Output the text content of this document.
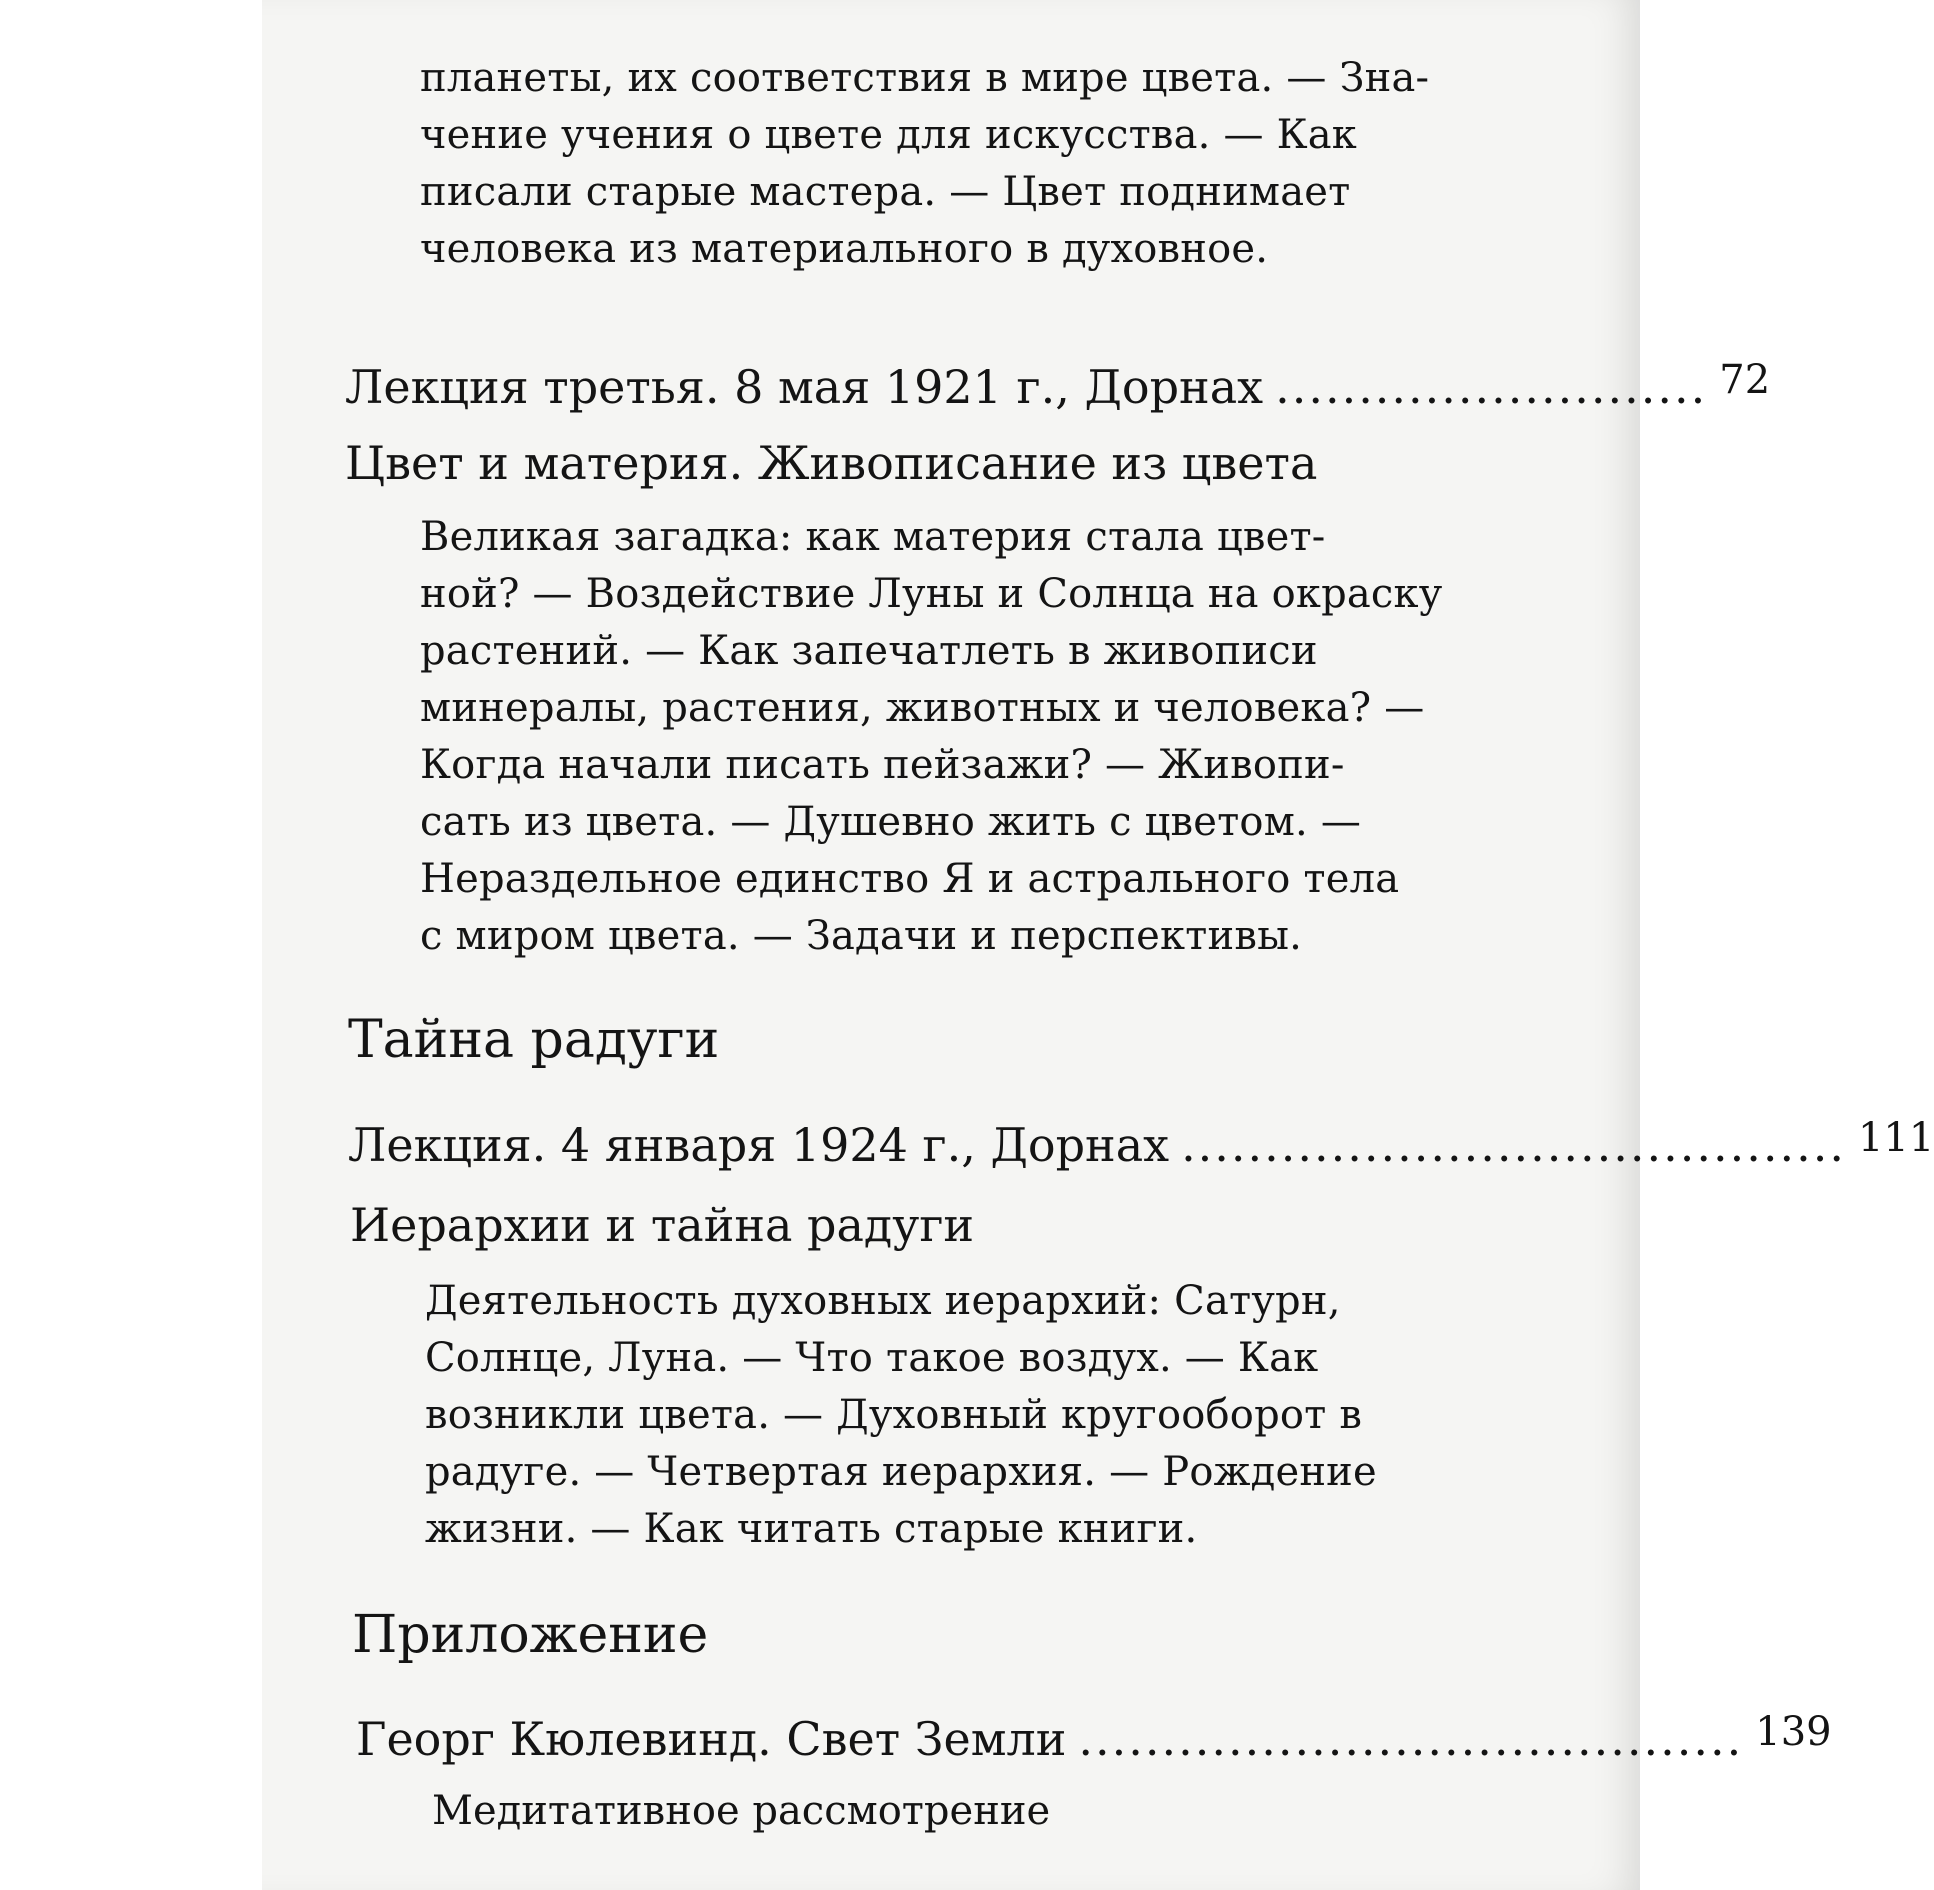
планеты, их соответствия в мире цвета. — Зна-

чение учения о цвете для искусства. — Как

писали старые мастера. — Цвет поднимает

человека из материального в духовное.

Лекция третья. 8 мая 1921 г., Дорнах .......................... 72

Цвет и материя. Живописание из цвета

Великая загадка: как материя стала цвет-

ной? — Воздействие Луны и Солнца на окраску

растений. — Как запечатлеть в живописи

минералы, растения, животных и человека? —

Когда начали писать пейзажи? — Живопи-

сать из цвета. — Душевно жить с цветом. —

Нераздельное единство Я и астрального тела

с миром цвета. — Задачи и перспективы.

Тайна радуги

Лекция. 4 января 1924 г., Дорнах ........................................ 111

Иерархии и тайна радуги

Деятельность духовных иерархий: Сатурн,

Солнце, Луна. — Что такое воздух. — Как

возникли цвета. — Духовный кругооборот в

радуге. — Четвертая иерархия. — Рождение

жизни. — Как читать старые книги.

Приложение

Георг Кюлевинд. Свет Земли ........................................ 139

Медитативное рассмотрение
